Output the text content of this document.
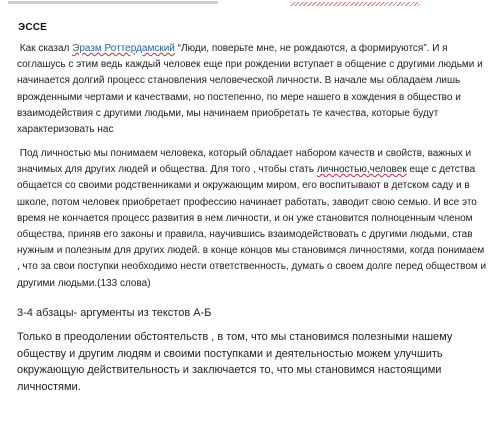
ЭССЕ
Как сказал Эразм Роттердамский “Люди, поверьте мне, не рождаются, а формируются”. И я соглашусь с этим ведь каждый человек еще при рождении вступает в общение с другими людьми и начинается долгий процесс становления человеческой личности. В начале мы обладаем лишь врожденными чертами и качествами, но постепенно, по мере нашего в хождения в общество и взаимодействия с другими людьми, мы начинаем приобретать те качества, которые будут характеризовать нас
Под личностью мы понимаем человека, который обладает набором качеств и свойств, важных и значимых для других людей и общества. Для того , чтобы стать личностью,человек еще с детства общается со своими родственниками и окружающим миром, его воспитывают в детском саду и в школе, потом человек приобретает профессию начинает работать, заводит свою семью. И все это время не кончается процесс развития в нем личности, и он уже становится полноценным членом общества, приняв его законы и правила, научившись взаимодействовать с другими людьми, став нужным и полезным для других людей. в конце концов мы становимся личностями, когда понимаем , что за свои поступки необходимо нести ответственность, думать о своем долге перед обществом и другими людьми.(133 слова)
3-4 абзацы- аргументы из текстов А-Б
Только в преодолении обстоятельств , в том, что мы становимся полезными нашему обществу и другим людям и своими поступками и деятельностью можем улучшить окружающую действительность и заключается то, что мы становимся настоящими личностями.
